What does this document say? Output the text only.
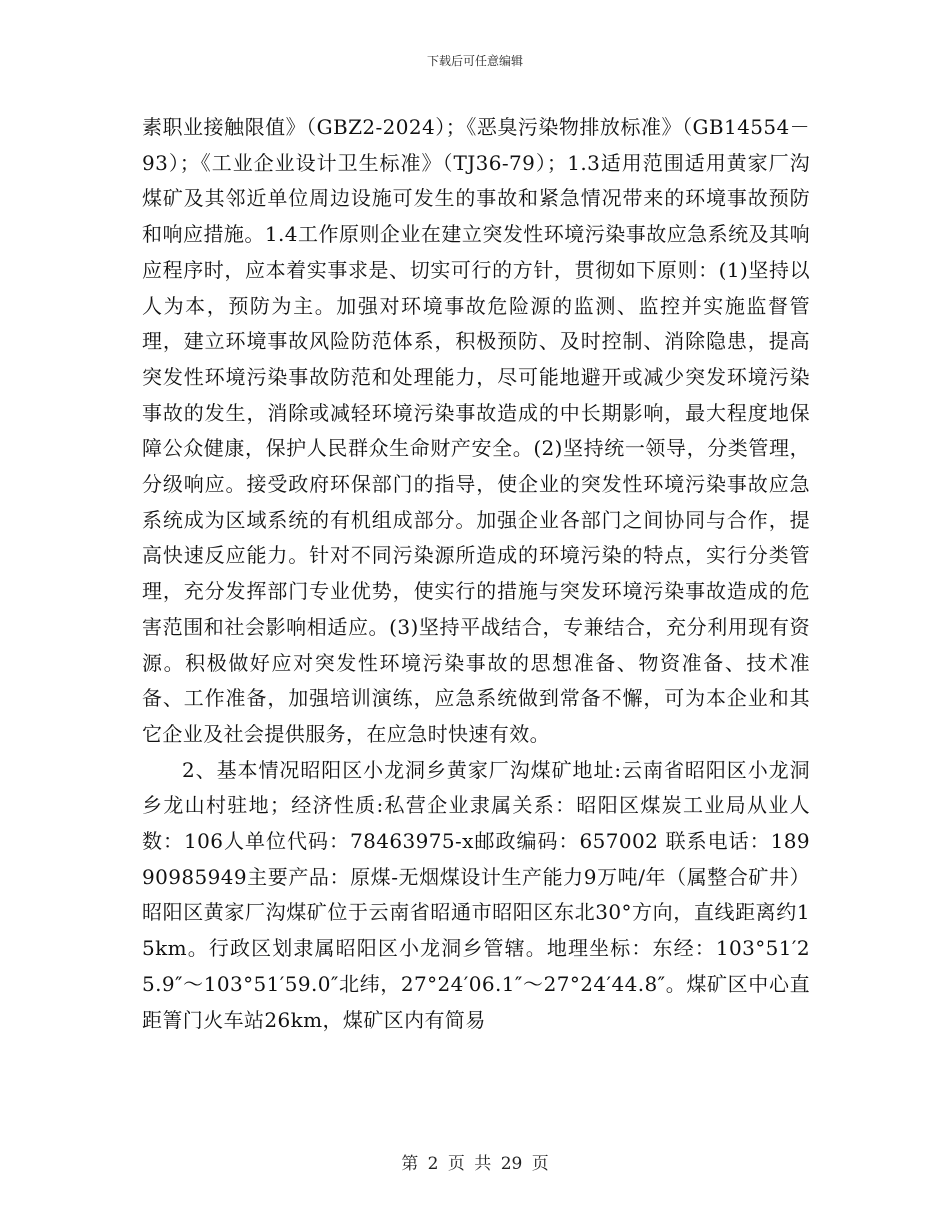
下载后可任意编辑

素职业接触限值》（GBZ2-2024）；《恶臭污染物排放标准》（GB14554－93）；《工业企业设计卫生标准》（TJ36-79）；1.3适用范围适用黄家厂沟煤矿及其邻近单位周边设施可发生的事故和紧急情况带来的环境事故预防和响应措施。1.4工作原则企业在建立突发性环境污染事故应急系统及其响应程序时，应本着实事求是、切实可行的方针，贯彻如下原则：(1)坚持以人为本，预防为主。加强对环境事故危险源的监测、监控并实施监督管理，建立环境事故风险防范体系，积极预防、及时控制、消除隐患，提高突发性环境污染事故防范和处理能力，尽可能地避开或减少突发环境污染事故的发生，消除或减轻环境污染事故造成的中长期影响，最大程度地保障公众健康，保护人民群众生命财产安全。(2)坚持统一领导，分类管理，分级响应。接受政府环保部门的指导，使企业的突发性环境污染事故应急系统成为区域系统的有机组成部分。加强企业各部门之间协同与合作，提高快速反应能力。针对不同污染源所造成的环境污染的特点，实行分类管理，充分发挥部门专业优势，使实行的措施与突发环境污染事故造成的危害范围和社会影响相适应。(3)坚持平战结合，专兼结合，充分利用现有资源。积极做好应对突发性环境污染事故的思想准备、物资准备、技术准备、工作准备，加强培训演练，应急系统做到常备不懈，可为本企业和其它企业及社会提供服务，在应急时快速有效。

2、基本情况昭阳区小龙洞乡黄家厂沟煤矿地址:云南省昭阳区小龙洞乡龙山村驻地；经济性质:私营企业隶属关系：昭阳区煤炭工业局从业人数：106人单位代码：78463975-x邮政编码：657002 联系电话：18990985949主要产品：原煤-无烟煤设计生产能力9万吨/年（属整合矿井）昭阳区黄家厂沟煤矿位于云南省昭通市昭阳区东北30°方向，直线距离约15km。行政区划隶属昭阳区小龙洞乡管辖。地理坐标：东经：103°51′25.9″～103°51′59.0″北纬，27°24′06.1″～27°24′44.8″。煤矿区中心直距箐门火车站26km，煤矿区内有简易

第 2 页 共 29 页
